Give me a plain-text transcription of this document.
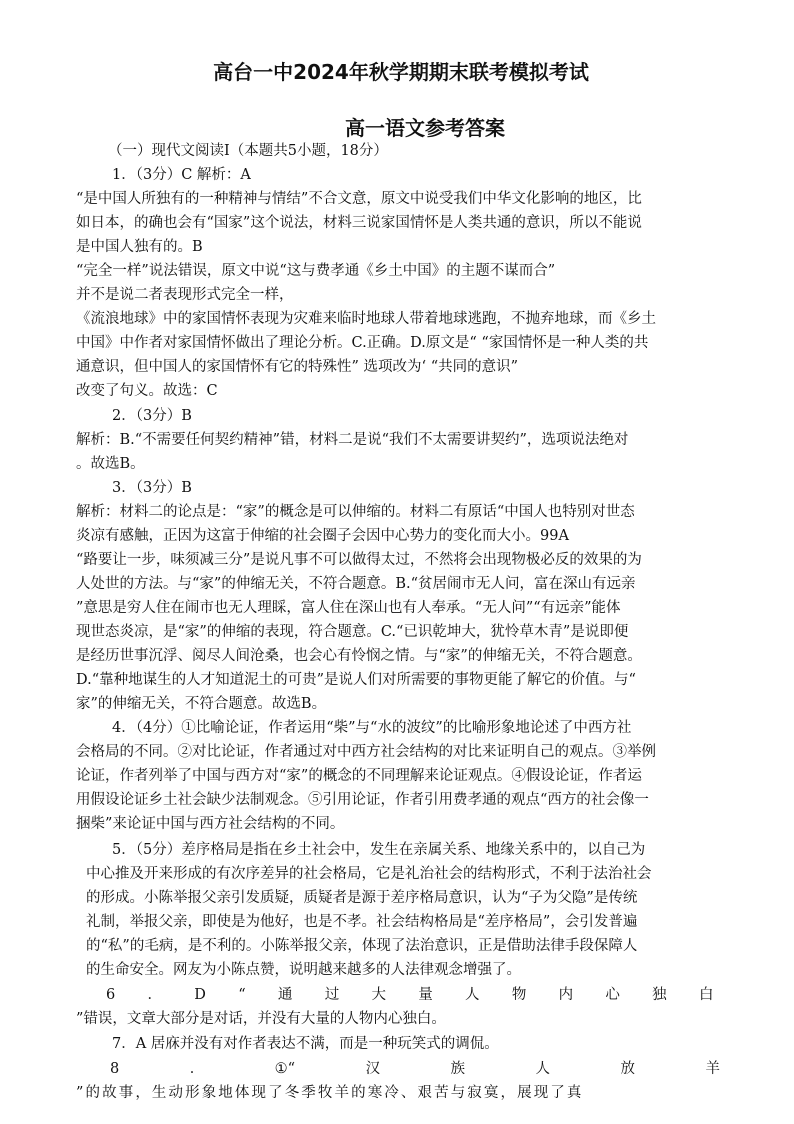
高台一中2024年秋学期期末联考模拟考试
高一语文参考答案

（一）现代文阅读Ⅰ（本题共5小题，18分）

1．（3分）C 解析：A

“是中国人所独有的一种精神与情结”不合文意，原文中说受我们中华文化影响的地区，比

如日本，的确也会有“国家”这个说法，材料三说家国情怀是人类共通的意识，所以不能说

是中国人独有的。B

“完全一样”说法错误，原文中说“这与费孝通《乡土中国》的主题不谋而合”

并不是说二者表现形式完全一样，

《流浪地球》中的家国情怀表现为灾难来临时地球人带着地球逃跑，不抛弃地球，而《乡土

中国》中作者对家国情怀做出了理论分析。C.正确。D.原文是“ “家国情怀是一种人类的共

通意识，但中国人的家国情怀有它的特殊性” 选项改为‘ “共同的意识”

改变了句义。故选：C

2．（3分）B

解析：B.“不需要任何契约精神”错，材料二是说“我们不太需要讲契约”，选项说法绝对

。故选B。

3．（3分）B

解析：材料二的论点是：“家”的概念是可以伸缩的。材料二有原话“中国人也特别对世态

炎凉有感触，正因为这富于伸缩的社会圈子会因中心势力的变化而大小。99A

“路要让一步，味须减三分”是说凡事不可以做得太过，不然将会出现物极必反的效果的为

人处世的方法。与“家”的伸缩无关，不符合题意。B.“贫居闹市无人问，富在深山有远亲

”意思是穷人住在闹市也无人理睬，富人住在深山也有人奉承。“无人问”“有远亲”能体

现世态炎凉，是“家”的伸缩的表现，符合题意。C.“已识乾坤大，犹怜草木青”是说即便

是经历世事沉浮、阅尽人间沧桑，也会心有怜悯之情。与“家”的伸缩无关，不符合题意。

D.“靠种地谋生的人才知道泥土的可贵”是说人们对所需要的事物更能了解它的价值。与“

家”的伸缩无关，不符合题意。故选B。

4．（4分）①比喻论证，作者运用“柴”与“水的波纹”的比喻形象地论述了中西方社

会格局的不同。②对比论证，作者通过对中西方社会结构的对比来证明自己的观点。③举例

论证，作者列举了中国与西方对“家”的概念的不同理解来论证观点。④假设论证，作者运

用假设论证乡土社会缺少法制观念。⑤引用论证，作者引用费孝通的观点“西方的社会像一

捆柴”来论证中国与西方社会结构的不同。

5．（5分）差序格局是指在乡土社会中，发生在亲属关系、地缘关系中的，以自己为

中心推及开来形成的有次序差异的社会格局，它是礼治社会的结构形式，不利于法治社会

的形成。小陈举报父亲引发质疑，质疑者是源于差序格局意识，认为“子为父隐”是传统

礼制，举报父亲，即使是为他好，也是不孝。社会结构格局是“差序格局”，会引发普遍

的“私”的毛病，是不利的。小陈举报父亲，体现了法治意识，正是借助法律手段保障人

的生命安全。网友为小陈点赞，说明越来越多的人法律观念增强了。

6 ． D “ 通 过 大 量 人 物 内 心 独 白

”错误，文章大部分是对话，并没有大量的人物内心独白。

7．A 居庥并没有对作者表达不满，而是一种玩笑式的调侃。

8	．	①“	汉	族	人	放	羊

”的故事，生动形象地体现了冬季牧羊的寒冷、艰苦与寂寞，展现了真
